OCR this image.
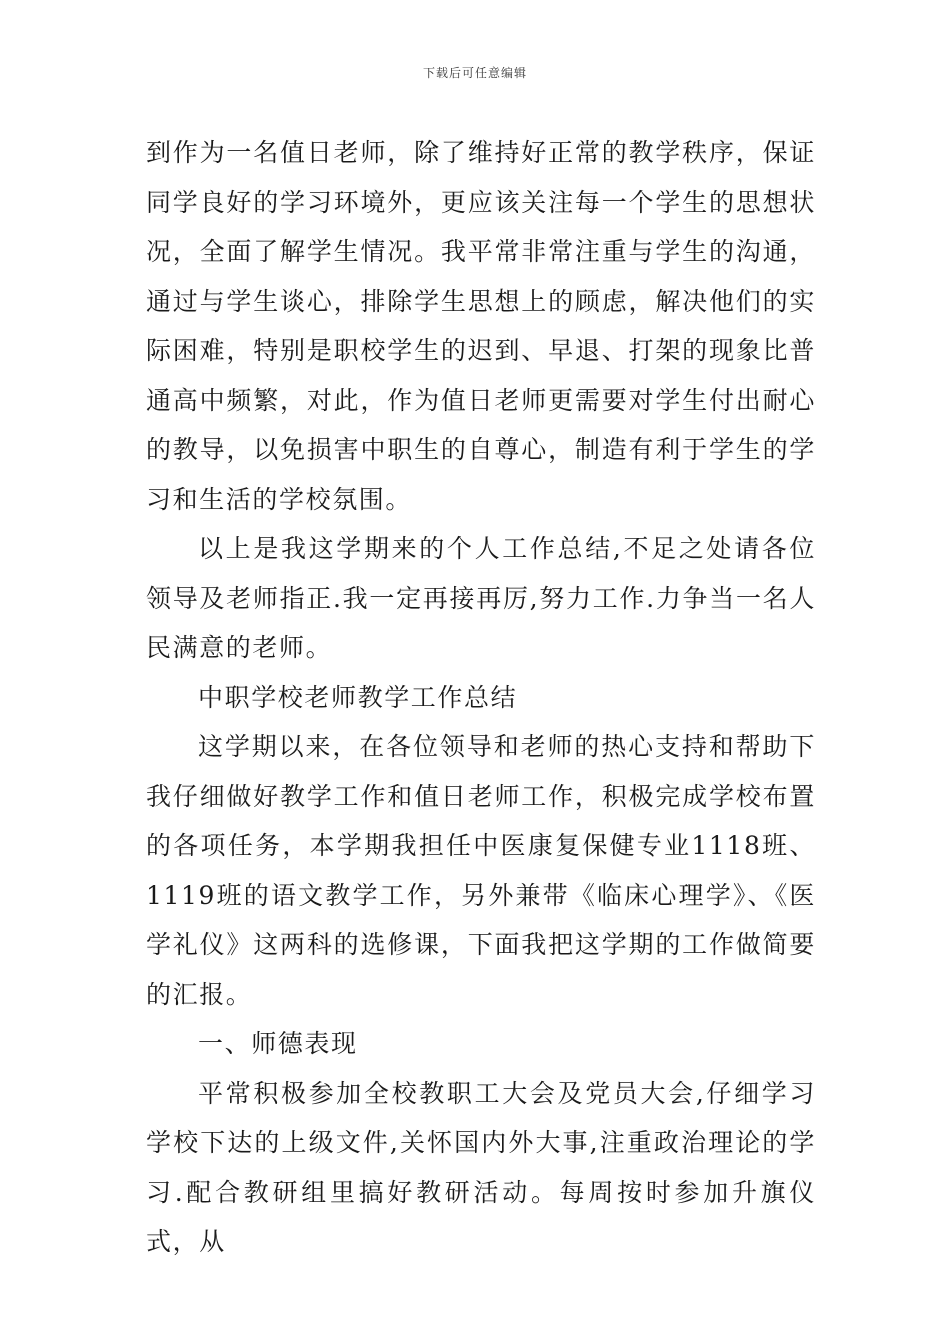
下载后可任意编辑

到作为一名值日老师，除了维持好正常的教学秩序，保证同学良好的学习环境外，更应该关注每一个学生的思想状况，全面了解学生情况。我平常非常注重与学生的沟通，通过与学生谈心，排除学生思想上的顾虑，解决他们的实际困难，特别是职校学生的迟到、早退、打架的现象比普通高中频繁，对此，作为值日老师更需要对学生付出耐心的教导，以免损害中职生的自尊心，制造有利于学生的学习和生活的学校氛围。

以上是我这学期来的个人工作总结,不足之处请各位领导及老师指正.我一定再接再厉,努力工作.力争当一名人民满意的老师。

中职学校老师教学工作总结

这学期以来，在各位领导和老师的热心支持和帮助下我仔细做好教学工作和值日老师工作，积极完成学校布置的各项任务，本学期我担任中医康复保健专业1118班、1119班的语文教学工作，另外兼带《临床心理学》、《医学礼仪》这两科的选修课，下面我把这学期的工作做简要的汇报。

一、师德表现

平常积极参加全校教职工大会及党员大会,仔细学习学校下达的上级文件,关怀国内外大事,注重政治理论的学习.配合教研组里搞好教研活动。每周按时参加升旗仪式，从
